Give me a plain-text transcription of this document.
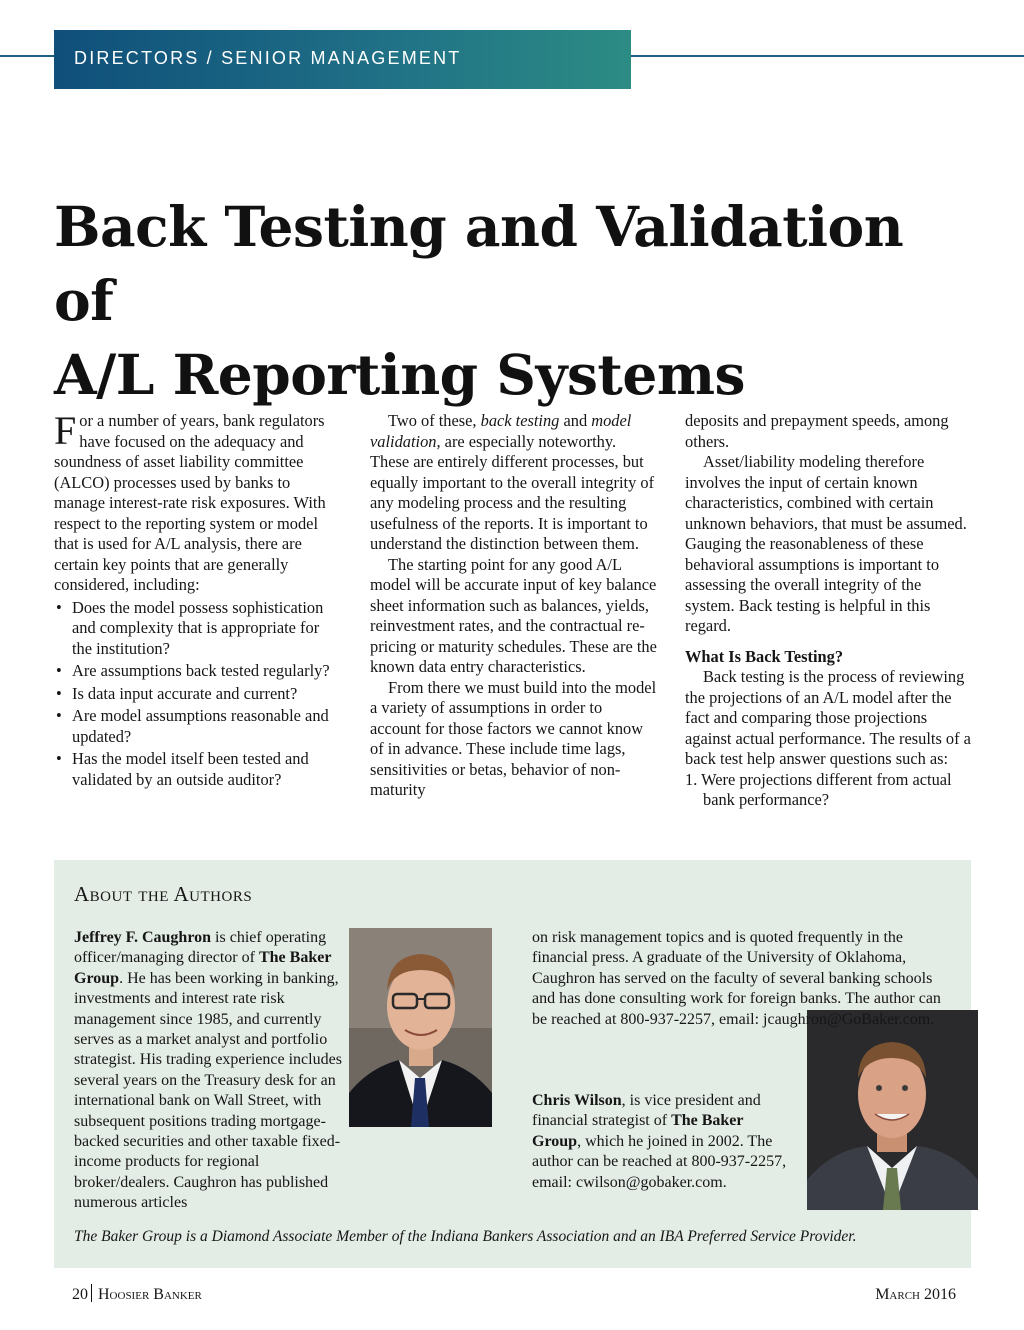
DIRECTORS / SENIOR MANAGEMENT
Back Testing and Validation of
A/L Reporting Systems

For a number of years, bank regulators have focused on the adequacy and soundness of asset liability committee (ALCO) processes used by banks to manage interest-rate risk exposures. With respect to the reporting system or model that is used for A/L analysis, there are certain key points that are generally considered, including:

• Does the model possess sophistication and complexity that is appropriate for the institution?
• Are assumptions back tested regularly?
• Is data input accurate and current?
• Are model assumptions reasonable and updated?
• Has the model itself been tested and validated by an outside auditor?

Two of these, back testing and model validation, are especially noteworthy. These are entirely different processes, but equally important to the overall integrity of any modeling process and the resulting usefulness of the reports. It is important to understand the distinction between them.

The starting point for any good A/L model will be accurate input of key balance sheet information such as balances, yields, reinvestment rates, and the contractual re-pricing or maturity schedules. These are the known data entry characteristics.

From there we must build into the model a variety of assumptions in order to account for those factors we cannot know of in advance. These include time lags, sensitivities or betas, behavior of non-maturity

deposits and prepayment speeds, among others.

Asset/liability modeling therefore involves the input of certain known characteristics, combined with certain unknown behaviors, that must be assumed. Gauging the reasonableness of these behavioral assumptions is important to assessing the overall integrity of the system. Back testing is helpful in this regard.

What Is Back Testing?

Back testing is the process of reviewing the projections of an A/L model after the fact and comparing those projections against actual performance. The results of a back test help answer questions such as:

1. Were projections different from actual bank performance?

About the Authors

Jeffrey F. Caughron is chief operating officer/managing director of The Baker Group. He has been working in banking, investments and interest rate risk management since 1985, and currently serves as a market analyst and portfolio strategist. His trading experience includes several years on the Treasury desk for an international bank on Wall Street, with subsequent positions trading mortgage-backed securities and other taxable fixed-income products for regional broker/dealers. Caughron has published numerous articles

on risk management topics and is quoted frequently in the financial press. A graduate of the University of Oklahoma, Caughron has served on the faculty of several banking schools and has done consulting work for foreign banks. The author can be reached at 800-937-2257, email: jcaughron@GoBaker.com.

Chris Wilson, is vice president and financial strategist of The Baker Group, which he joined in 2002. The author can be reached at 800-937-2257, email: cwilson@gobaker.com.

The Baker Group is a Diamond Associate Member of the Indiana Bankers Association and an IBA Preferred Service Provider.

20 Hoosier Banker	March 2016
